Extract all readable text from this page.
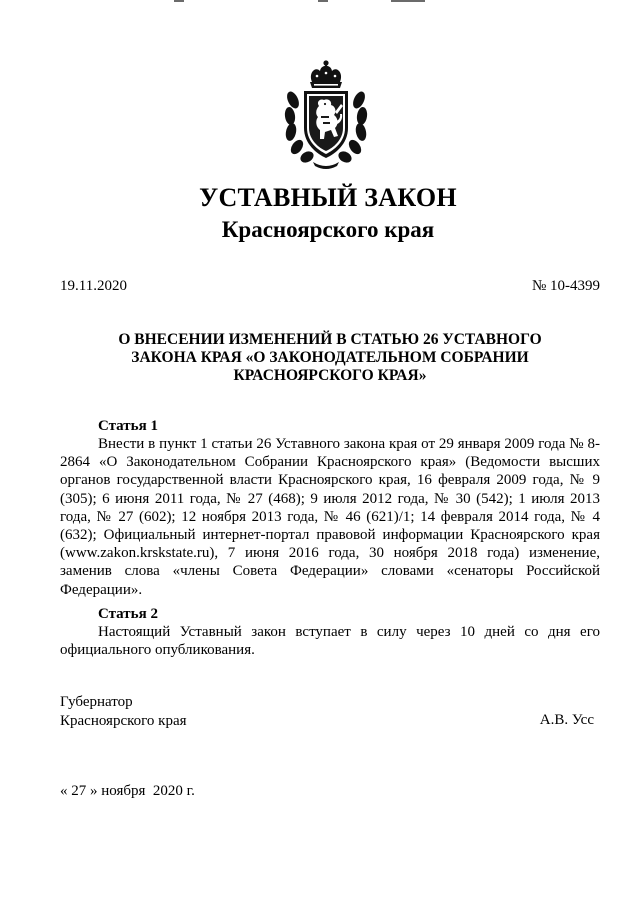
УСТАВНЫЙ ЗАКОН
Красноярского края
19.11.2020	№ 10-4399
О ВНЕСЕНИИ ИЗМЕНЕНИЙ В СТАТЬЮ 26 УСТАВНОГО
ЗАКОНА КРАЯ «О ЗАКОНОДАТЕЛЬНОМ СОБРАНИИ
КРАСНОЯРСКОГО КРАЯ»
Статья 1

Внести в пункт 1 статьи 26 Уставного закона края от 29 января 2009 года № 8-2864 «О Законодательном Собрании Красноярского края» (Ведомости высших органов государственной власти Красноярского края, 16 февраля 2009 года, № 9 (305); 6 июня 2011 года, № 27 (468); 9 июля 2012 года, № 30 (542); 1 июля 2013 года, № 27 (602); 12 ноября 2013 года, № 46 (621)/1; 14 февраля 2014 года, № 4 (632); Официальный интернет-портал правовой информации Красноярского края (www.zakon.krskstate.ru), 7 июня 2016 года, 30 ноября 2018 года) изменение, заменив слова «члены Совета Федерации» словами «сенаторы Российской Федерации».

Статья 2

Настоящий Уставный закон вступает в силу через 10 дней со дня его официального опубликования.

Губернатор
Красноярского края	А.В. Усс
« 27 » ноября  2020 г.
